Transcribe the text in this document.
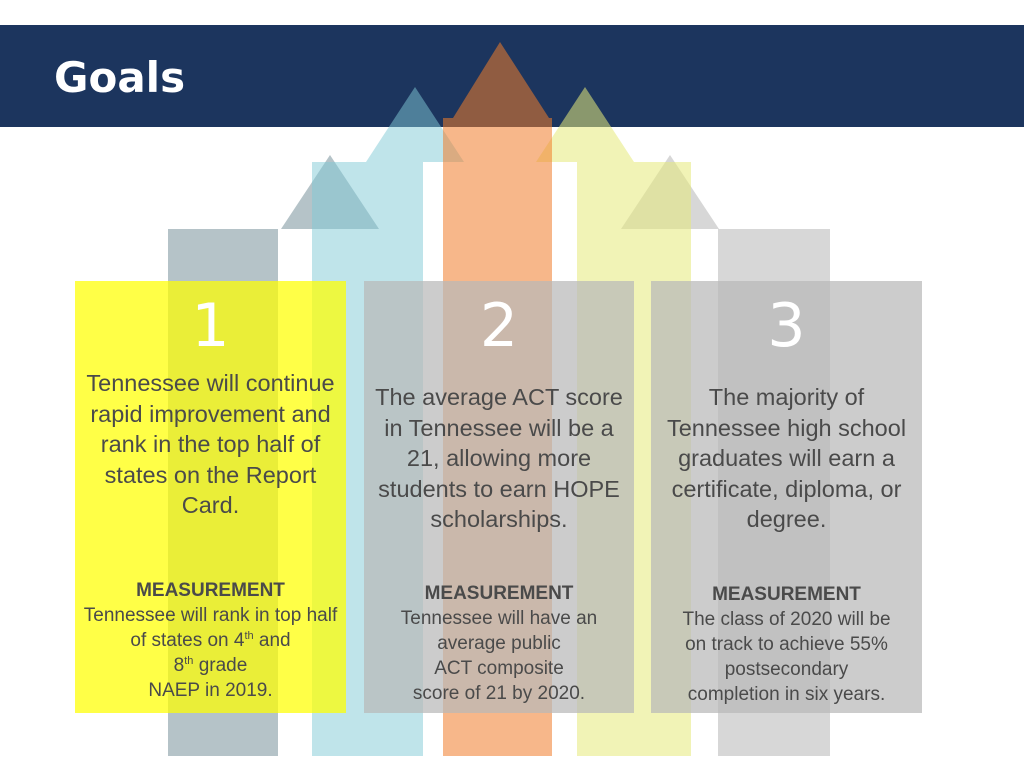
Goals
1
Tennessee will continue rapid improvement and rank in the top half of states on the Report Card.
MEASUREMENT
Tennessee will rank in top half of states on 4th and
8th grade
NAEP in 2019.
2
The average ACT score in Tennessee will be a 21, allowing more students to earn HOPE scholarships.
MEASUREMENT
Tennessee will have an
average public
ACT composite
score of 21 by 2020.
3
The majority of Tennessee high school graduates will earn a certificate, diploma, or degree.
MEASUREMENT
The class of 2020 will be
on track to achieve 55%
postsecondary
completion in six years.
